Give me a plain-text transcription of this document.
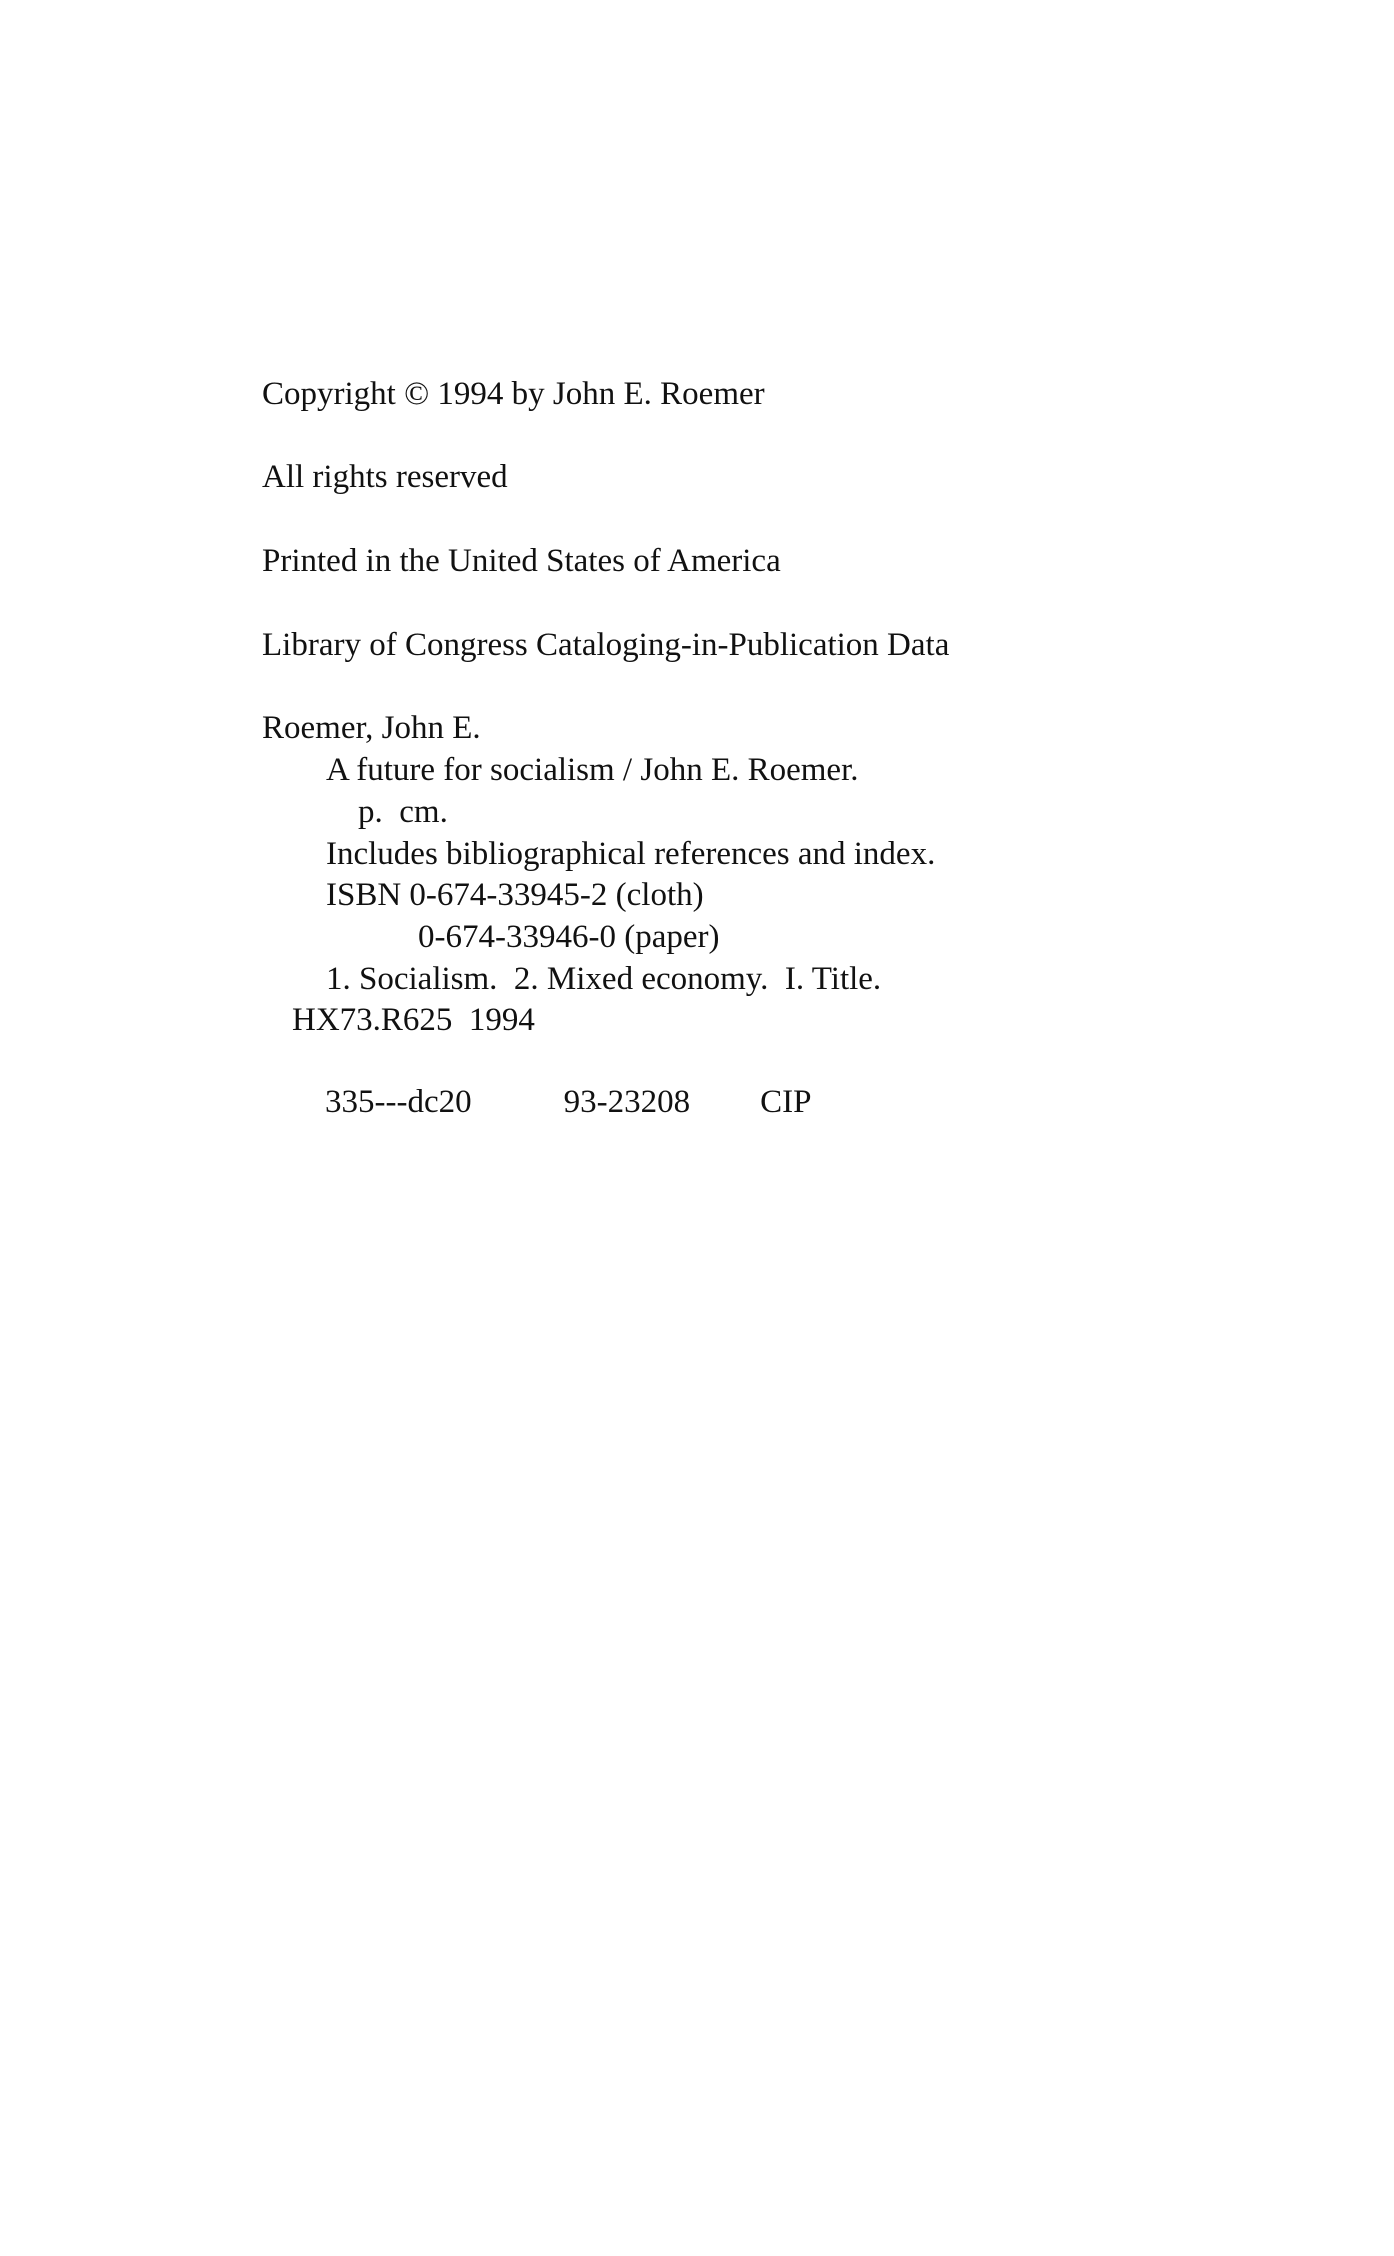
Copyright © 1994 by John E. Roemer
All rights reserved
Printed in the United States of America
Library of Congress Cataloging-in-Publication Data
Roemer, John E.
A future for socialism / John E. Roemer.
p.  cm.
Includes bibliographical references and index.
ISBN 0-674-33945-2 (cloth)
0-674-33946-0 (paper)
1. Socialism.  2. Mixed economy.  I. Title.
HX73.R625  1994

335---dc20	93-23208 CIP
